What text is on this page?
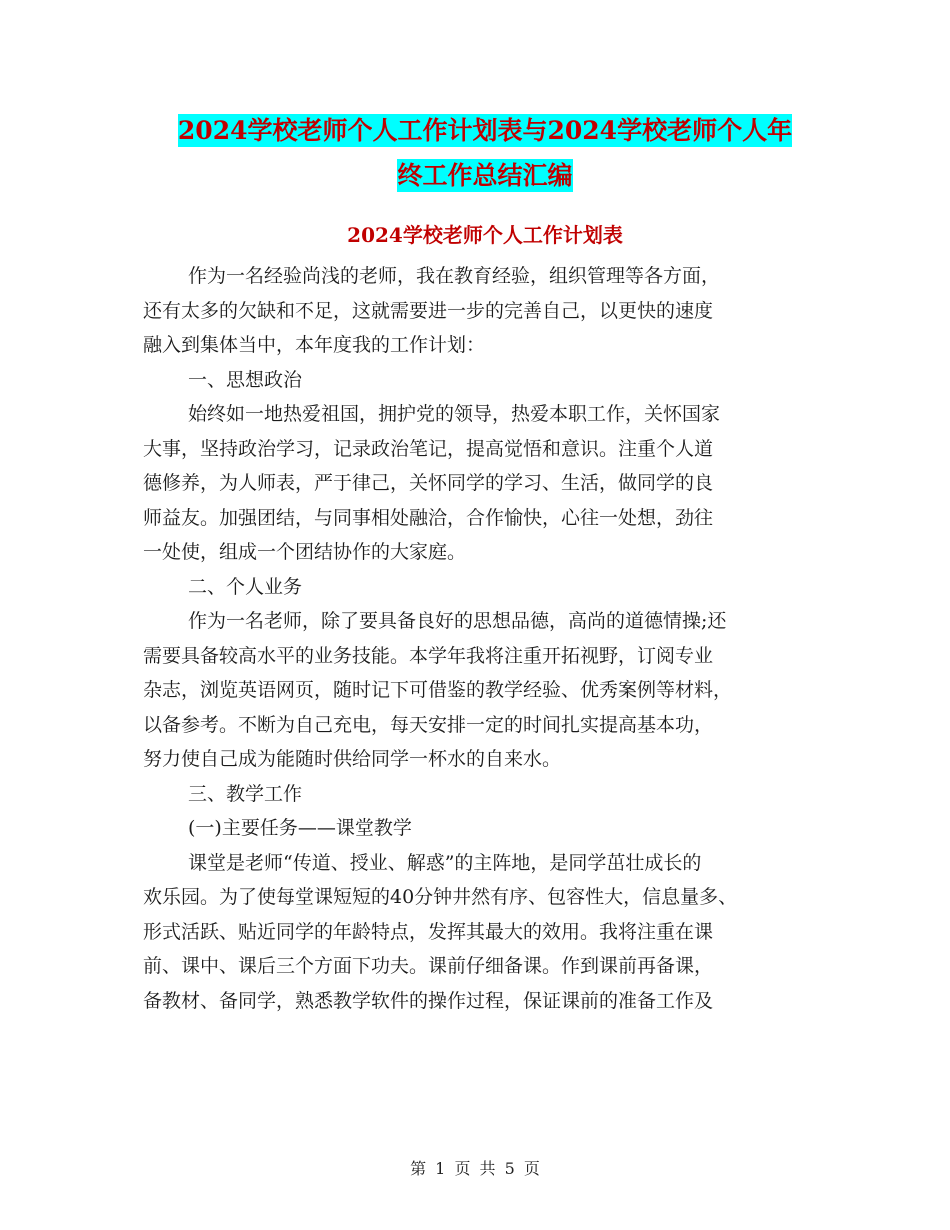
2024学校老师个人工作计划表与2024学校老师个人年
终工作总结汇编
2024学校老师个人工作计划表

作为一名经验尚浅的老师，我在教育经验，组织管理等各方面，

还有太多的欠缺和不足，这就需要进一步的完善自己，以更快的速度

融入到集体当中，本年度我的工作计划：

一、思想政治

始终如一地热爱祖国，拥护党的领导，热爱本职工作，关怀国家

大事，坚持政治学习，记录政治笔记，提高觉悟和意识。注重个人道

德修养，为人师表，严于律己，关怀同学的学习、生活，做同学的良

师益友。加强团结，与同事相处融洽，合作愉快，心往一处想，劲往

一处使，组成一个团结协作的大家庭。

二、个人业务

作为一名老师，除了要具备良好的思想品德，高尚的道德情操;还

需要具备较高水平的业务技能。本学年我将注重开拓视野，订阅专业

杂志，浏览英语网页，随时记下可借鉴的教学经验、优秀案例等材料，

以备参考。不断为自己充电，每天安排一定的时间扎实提高基本功，

努力使自己成为能随时供给同学一杯水的自来水。

三、教学工作

(一)主要任务——课堂教学

课堂是老师“传道、授业、解惑”的主阵地，是同学茁壮成长的

欢乐园。为了使每堂课短短的40分钟井然有序、包容性大，信息量多、

形式活跃、贴近同学的年龄特点，发挥其最大的效用。我将注重在课

前、课中、课后三个方面下功夫。课前仔细备课。作到课前再备课，

备教材、备同学，熟悉教学软件的操作过程，保证课前的准备工作及

第 1 页 共 5 页
